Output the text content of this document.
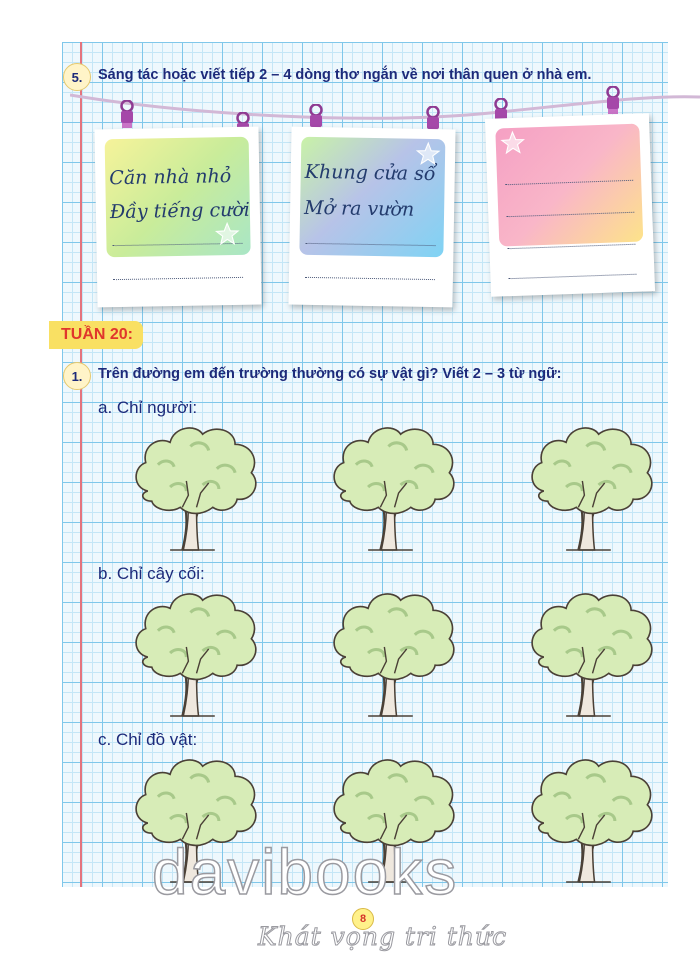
5.	Sáng tác hoặc viết tiếp 2 – 4 dòng thơ ngắn về nơi thân quen ở nhà em.
Căn nhà nhỏ
Đầy tiếng cười
Khung cửa sổ
Mở ra vườn
TUẦN 20:
1.	Trên đường em đến trường thường có sự vật gì? Viết 2 – 3 từ ngữ:
a. Chỉ người:
b. Chỉ cây cối:
c. Chỉ đồ vật:
davibooks
8
Khát vọng tri thức
